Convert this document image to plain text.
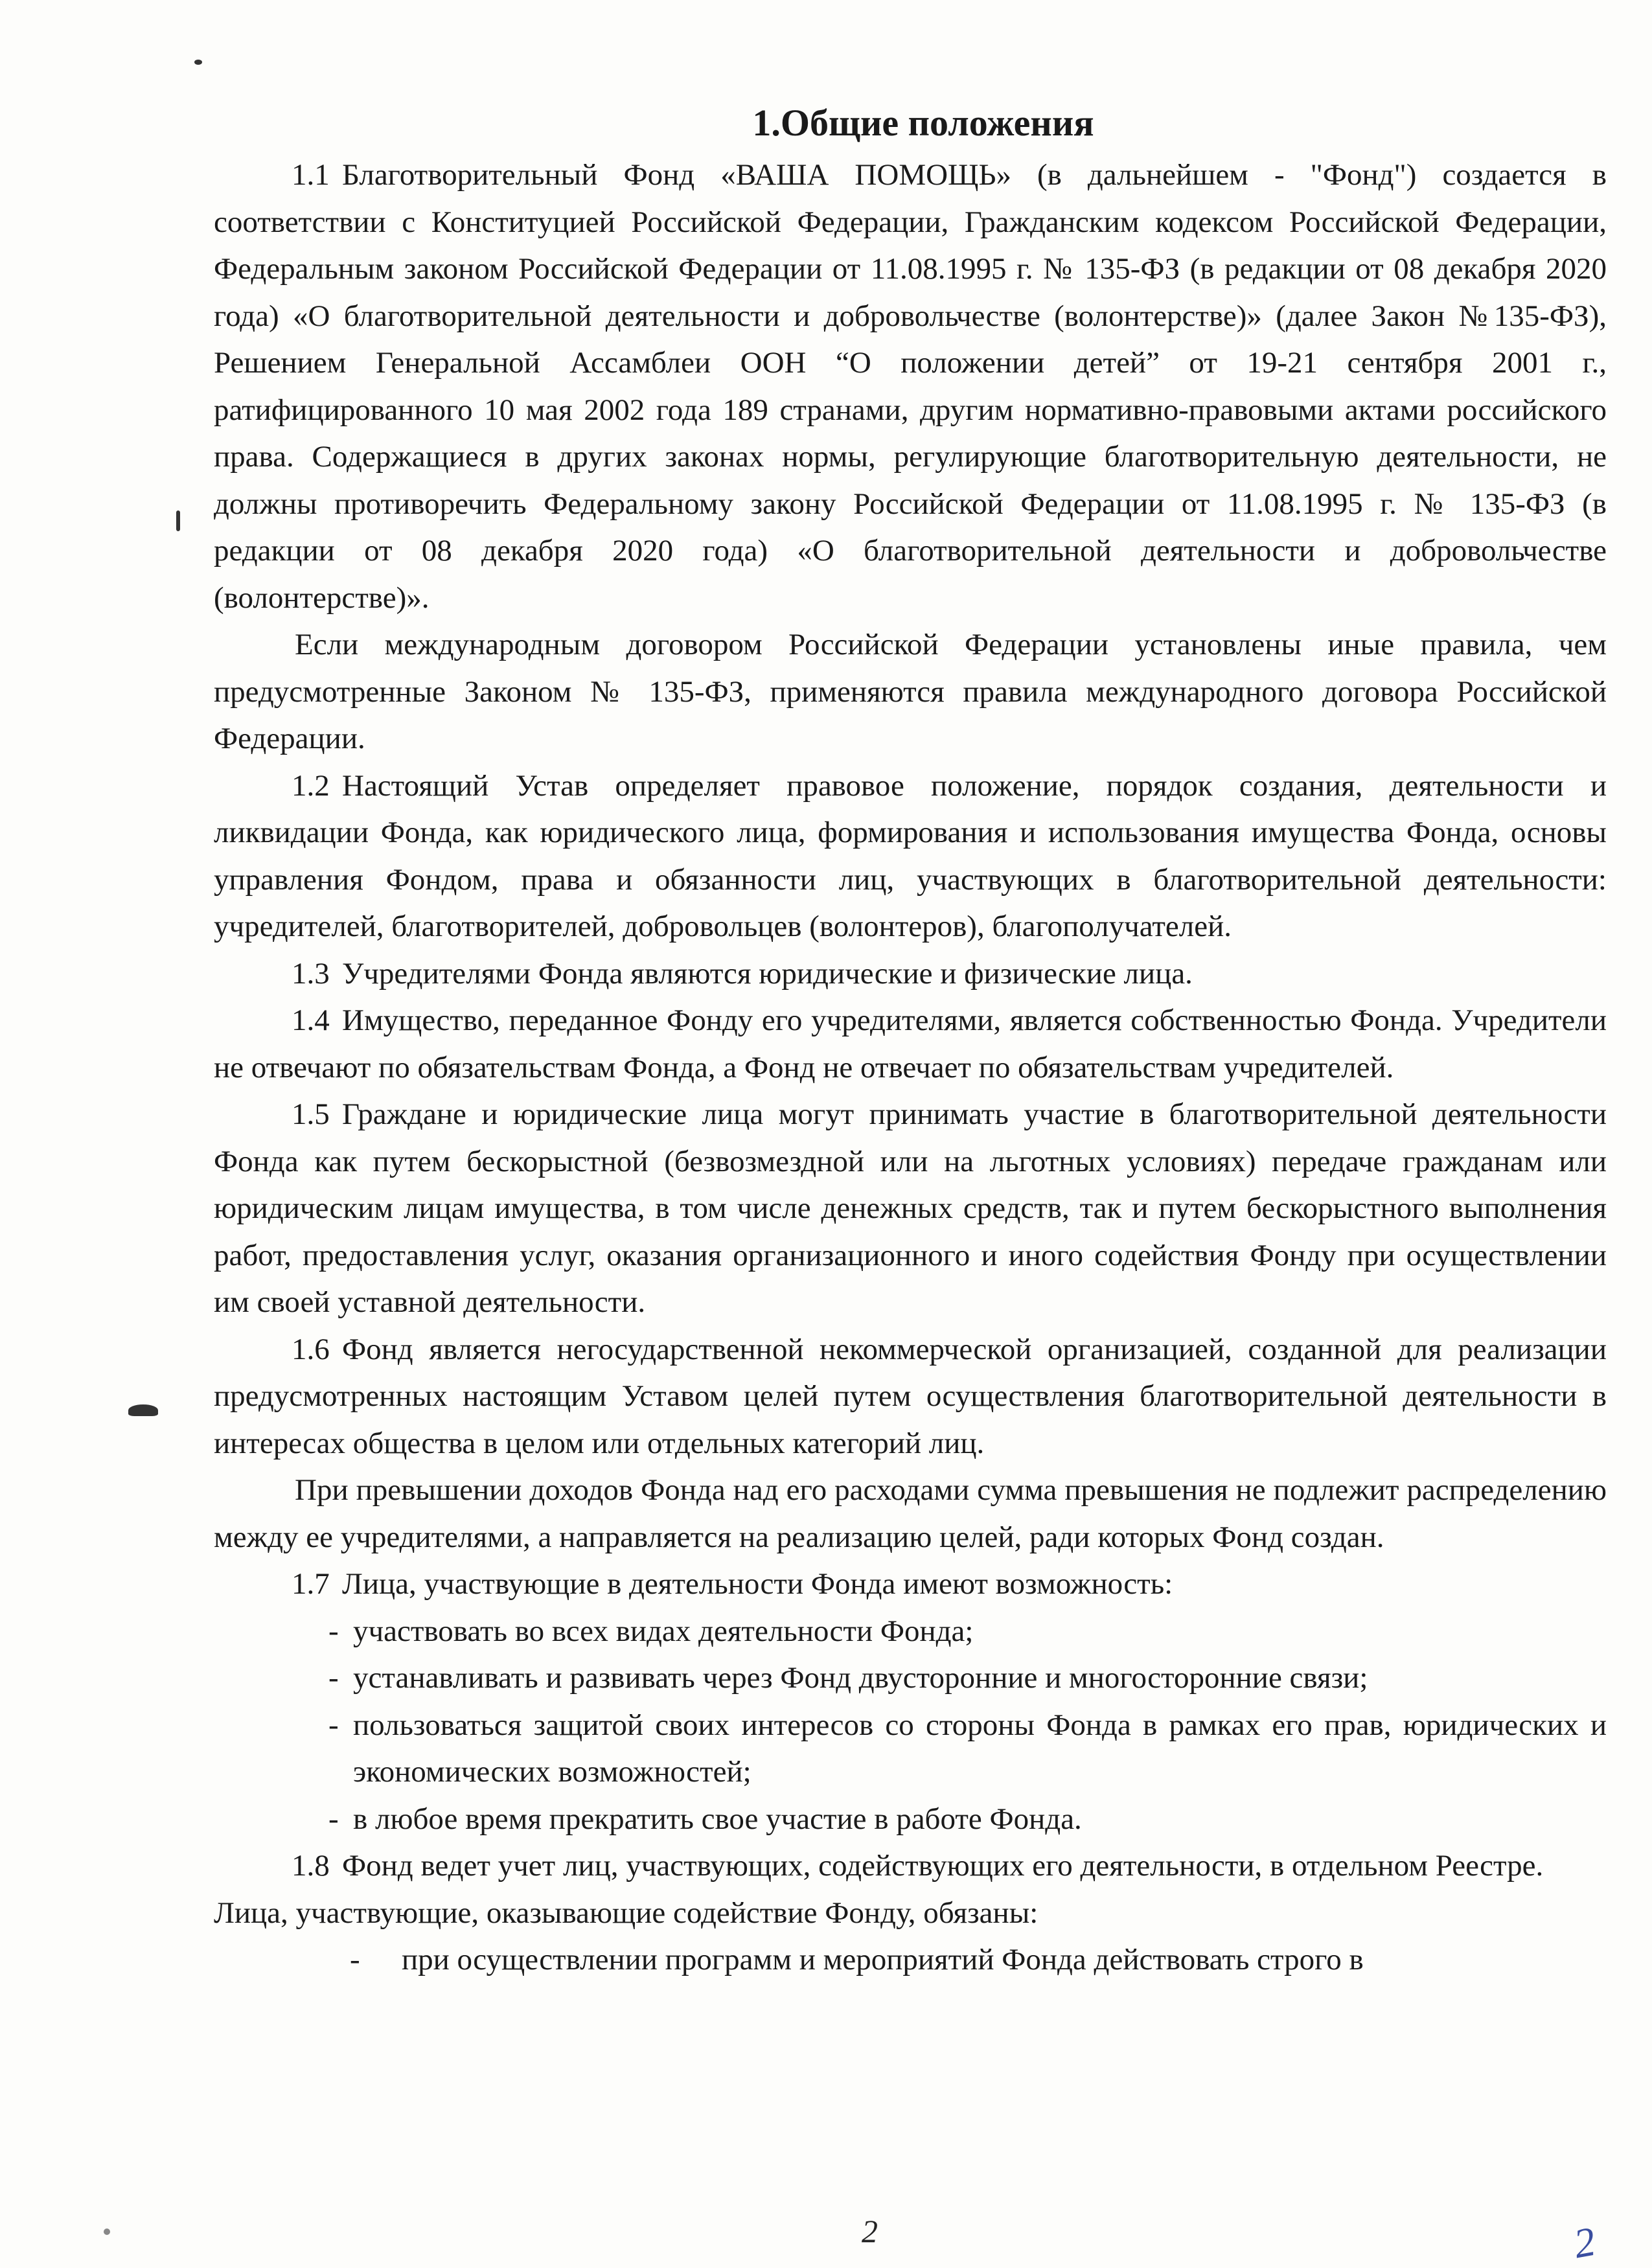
1.Общие положения

1.1 Благотворительный Фонд «ВАША ПОМОЩЬ» (в дальнейшем - "Фонд") создается в соответствии с Конституцией Российской Федерации, Гражданским кодексом Российской Федерации, Федеральным законом Российской Федерации от 11.08.1995 г. № 135-ФЗ (в редакции от 08 декабря 2020 года) «О благотворительной деятельности и добровольчестве (волонтерстве)» (далее Закон №135-ФЗ), Решением Генеральной Ассамблеи ООН “О положении детей” от 19-21 сентября 2001 г., ратифицированного 10 мая 2002 года 189 странами, другим нормативно-правовыми актами российского права. Содержащиеся в других законах нормы, регулирующие благотворительную деятельности, не должны противоречить Федеральному закону Российской Федерации от 11.08.1995 г. № 135-ФЗ (в редакции от 08 декабря 2020 года) «О благотворительной деятельности и добровольчестве (волонтерстве)».

Если международным договором Российской Федерации установлены иные правила, чем предусмотренные Законом № 135-ФЗ, применяются правила международного договора Российской Федерации.

1.2 Настоящий Устав определяет правовое положение, порядок создания, деятельности и ликвидации Фонда, как юридического лица, формирования и использования имущества Фонда, основы управления Фондом, права и обязанности лиц, участвующих в благотворительной деятельности: учредителей, благотворителей, добровольцев (волонтеров), благополучателей.

1.3 Учредителями Фонда являются юридические и физические лица.

1.4 Имущество, переданное Фонду его учредителями, является собственностью Фонда. Учредители не отвечают по обязательствам Фонда, а Фонд не отвечает по обязательствам учредителей.

1.5 Граждане и юридические лица могут принимать участие в благотворительной деятельности Фонда как путем бескорыстной (безвозмездной или на льготных условиях) передаче гражданам или юридическим лицам имущества, в том числе денежных средств, так и путем бескорыстного выполнения работ, предоставления услуг, оказания организационного и иного содействия Фонду при осуществлении им своей уставной деятельности.

1.6 Фонд является негосударственной некоммерческой организацией, созданной для реализации предусмотренных настоящим Уставом целей путем осуществления благотворительной деятельности в интересах общества в целом или отдельных категорий лиц.

При превышении доходов Фонда над его расходами сумма превышения не подлежит распределению между ее учредителями, а направляется на реализацию целей, ради которых Фонд создан.

1.7 Лица, участвующие в деятельности Фонда имеют возможность:

- участвовать во всех видах деятельности Фонда;
- устанавливать и развивать через Фонд двусторонние и многосторонние связи;
- пользоваться защитой своих интересов со стороны Фонда в рамках его прав, юридических и экономических возможностей;
- в любое время прекратить свое участие в работе Фонда.

1.8 Фонд ведет учет лиц, участвующих, содействующих его деятельности, в отдельном Реестре.

Лица, участвующие, оказывающие содействие Фонду, обязаны:

- при осуществлении программ и мероприятий Фонда действовать строго в
2	2
